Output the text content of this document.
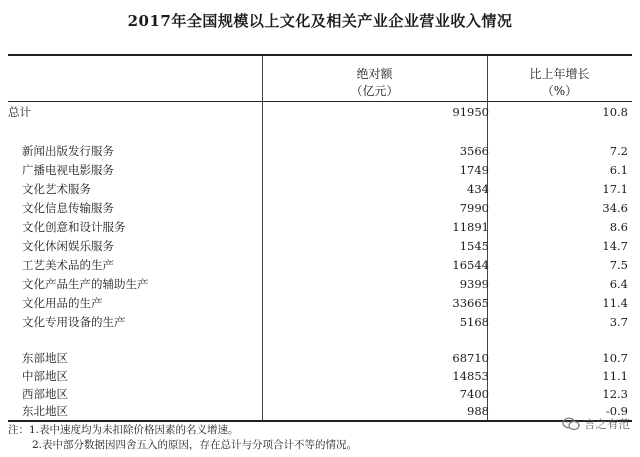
2017年全国规模以上文化及相关产业企业营业收入情况
绝对额
（亿元）
比上年增长
（%）
总计	91950	10.8
新闻出版发行服务	3566	7.2
广播电视电影服务	1749	6.1
文化艺术服务	434	17.1
文化信息传输服务	7990	34.6
文化创意和设计服务	11891	8.6
文化休闲娱乐服务	1545	14.7
工艺美术品的生产	16544	7.5
文化产品生产的辅助生产	9399	6.4
文化用品的生产	33665	11.4
文化专用设备的生产	5168	3.7
东部地区	68710	10.7
中部地区	14853	11.1
西部地区	7400	12.3
东北地区	988	-0.9
注：1.表中速度均为未扣除价格因素的名义增速。
2.表中部分数据因四舍五入的原因，存在总计与分项合计不等的情况。
言之有范
